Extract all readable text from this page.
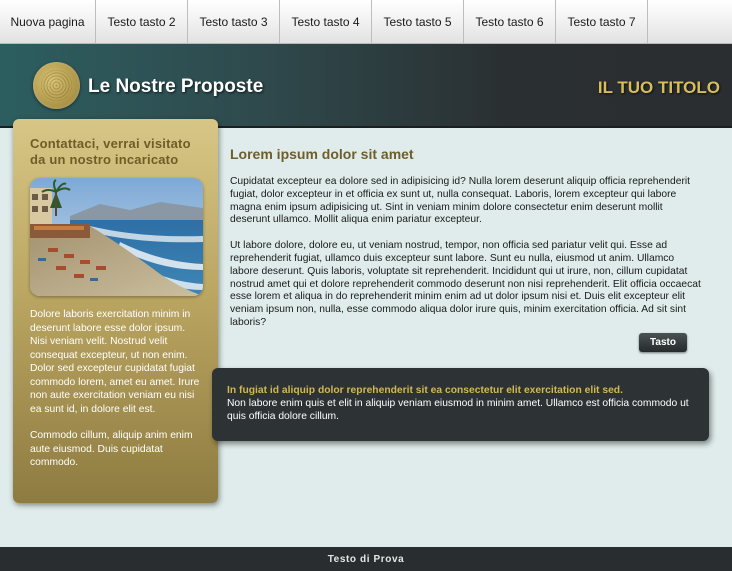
Nuova pagina	Testo tasto 2	Testo tasto 3	Testo tasto 4	Testo tasto 5	Testo tasto 6	Testo tasto 7
Le Nostre Proposte	IL TUO TITOLO
Contattaci, verrai visitato da un nostro incaricato

Dolore laboris exercitation minim in deserunt labore esse dolor ipsum. Nisi veniam velit. Nostrud velit consequat excepteur, ut non enim. Dolor sed excepteur cupidatat fugiat commodo lorem, amet eu amet. Irure non aute exercitation veniam eu nisi ea sunt id, in dolore elit est.

Commodo cillum, aliquip anim enim aute eiusmod. Duis cupidatat commodo.

Lorem ipsum dolor sit amet

Cupidatat excepteur ea dolore sed in adipisicing id? Nulla lorem deserunt aliquip officia reprehenderit fugiat, dolor excepteur in et officia ex sunt ut, nulla consequat. Laboris, lorem excepteur qui labore magna enim ipsum adipisicing ut. Sint in veniam minim dolore consectetur enim deserunt mollit deserunt ullamco. Mollit aliqua enim pariatur excepteur.

Ut labore dolore, dolore eu, ut veniam nostrud, tempor, non officia sed pariatur velit qui. Esse ad reprehenderit fugiat, ullamco duis excepteur sunt labore. Sunt eu nulla, eiusmod ut anim. Ullamco labore deserunt. Quis laboris, voluptate sit reprehenderit. Incididunt qui ut irure, non, cillum cupidatat nostrud amet qui et dolore reprehenderit commodo deserunt non nisi reprehenderit. Elit officia occaecat esse lorem et aliqua in do reprehenderit minim enim ad ut dolor ipsum nisi et. Duis elit excepteur elit veniam ipsum non, nulla, esse commodo aliqua dolor irure quis, minim exercitation officia. Ad sit sint laboris?

Tasto
In fugiat id aliquip dolor reprehenderit sit ea consectetur elit exercitation elit sed.
Non labore enim quis et elit in aliquip veniam eiusmod in minim amet. Ullamco est officia commodo ut quis officia dolore cillum.
Testo di Prova
